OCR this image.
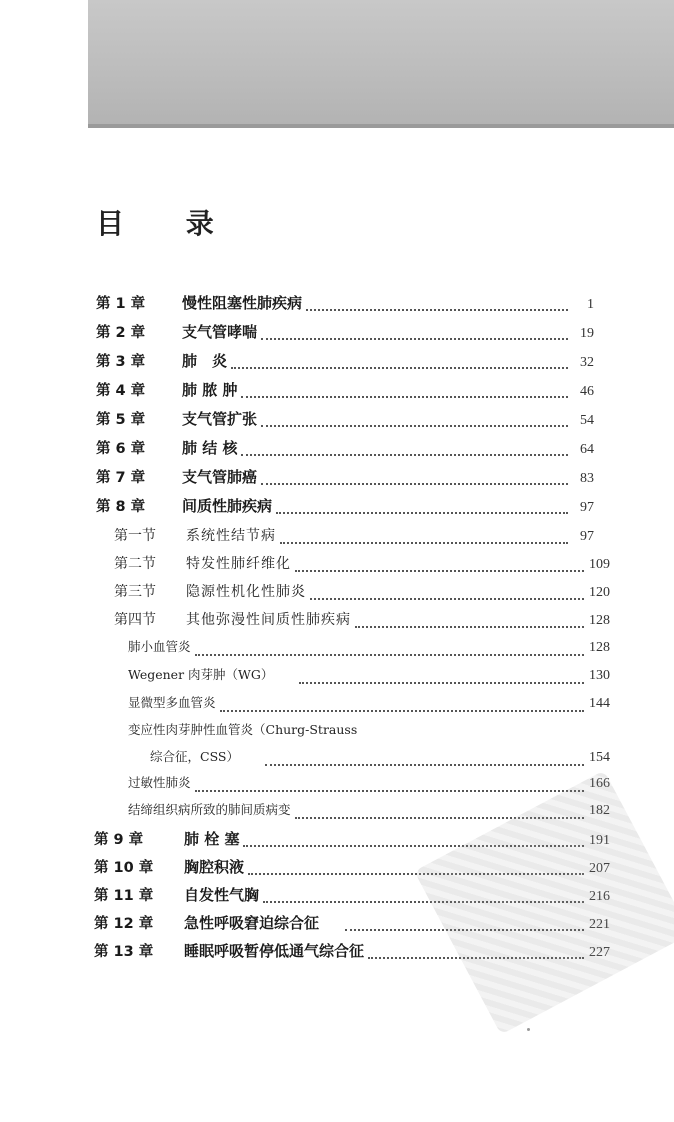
目 录
第 1 章	慢性阻塞性肺疾病	1
第 2 章	支气管哮喘	19
第 3 章	肺　炎	32
第 4 章	肺 脓 肿	46
第 5 章	支气管扩张	54
第 6 章	肺 结 核	64
第 7 章	支气管肺癌	83
第 8 章	间质性肺疾病	97
第一节	系统性结节病	97
第二节	特发性肺纤维化	109
第三节	隐源性机化性肺炎	120
第四节	其他弥漫性间质性肺疾病	128
肺小血管炎	128
Wegener 肉芽肿（WG）	130
显微型多血管炎	144
变应性肉芽肿性血管炎（Churg-Strauss
综合征，CSS）	154
过敏性肺炎	166
结缔组织病所致的肺间质病变	182
第 9 章	肺 栓 塞	191
第 10 章	胸腔积液	207
第 11 章	自发性气胸	216
第 12 章	急性呼吸窘迫综合征	221
第 13 章	睡眠呼吸暂停低通气综合征	227
